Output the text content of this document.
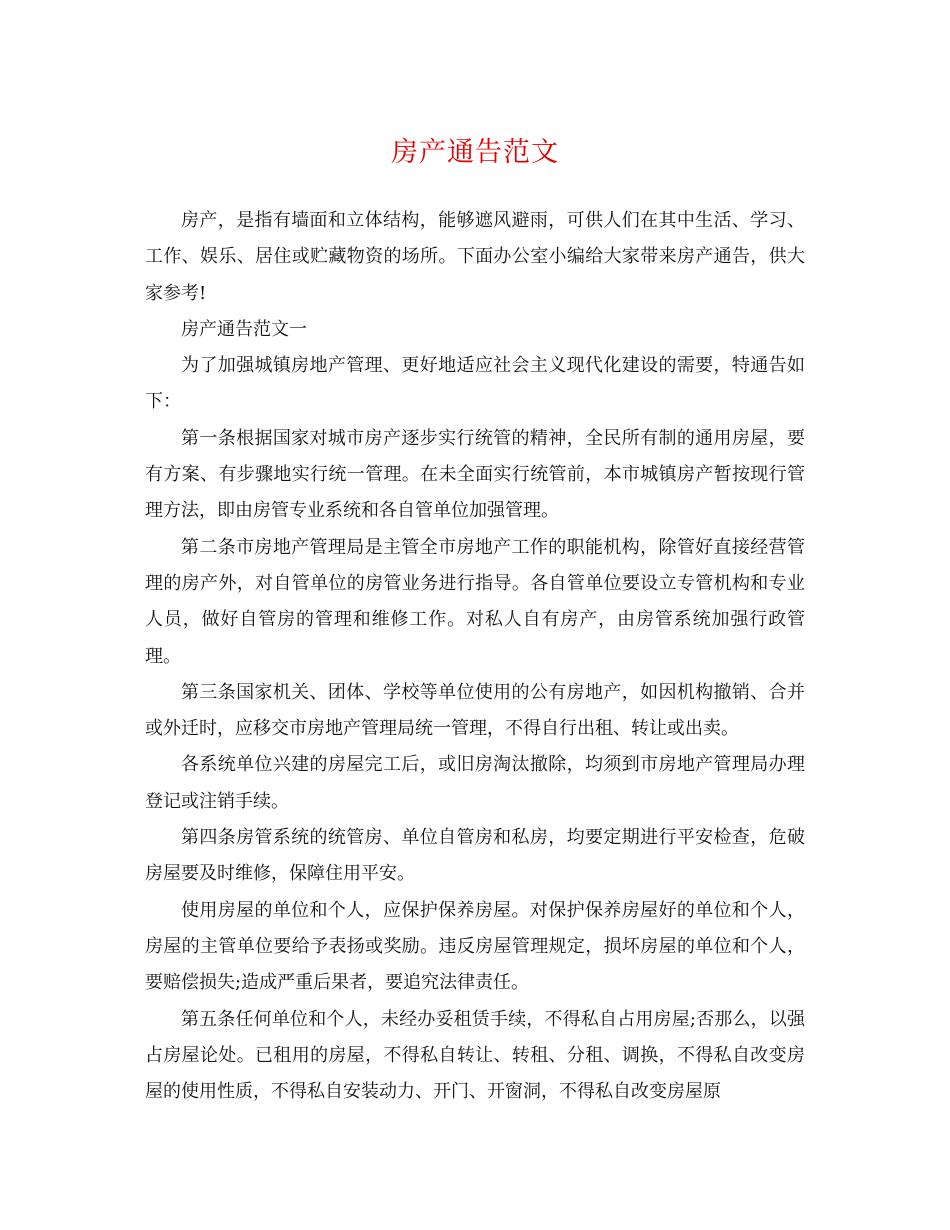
房产通告范文

房产，是指有墙面和立体结构，能够遮风避雨，可供人们在其中生活、学习、工作、娱乐、居住或贮藏物资的场所。下面办公室小编给大家带来房产通告，供大家参考!

房产通告范文一

为了加强城镇房地产管理、更好地适应社会主义现代化建设的需要，特通告如下：

第一条根据国家对城市房产逐步实行统管的精神，全民所有制的通用房屋，要有方案、有步骤地实行统一管理。在未全面实行统管前，本市城镇房产暂按现行管理方法，即由房管专业系统和各自管单位加强管理。

第二条市房地产管理局是主管全市房地产工作的职能机构，除管好直接经营管理的房产外，对自管单位的房管业务进行指导。各自管单位要设立专管机构和专业人员，做好自管房的管理和维修工作。对私人自有房产，由房管系统加强行政管理。

第三条国家机关、团体、学校等单位使用的公有房地产，如因机构撤销、合并或外迁时，应移交市房地产管理局统一管理，不得自行出租、转让或出卖。

各系统单位兴建的房屋完工后，或旧房淘汰撤除，均须到市房地产管理局办理登记或注销手续。

第四条房管系统的统管房、单位自管房和私房，均要定期进行平安检查，危破房屋要及时维修，保障住用平安。

使用房屋的单位和个人，应保护保养房屋。对保护保养房屋好的单位和个人，房屋的主管单位要给予表扬或奖励。违反房屋管理规定，损坏房屋的单位和个人，要赔偿损失;造成严重后果者，要追究法律责任。

第五条任何单位和个人，未经办妥租赁手续，不得私自占用房屋;否那么，以强占房屋论处。已租用的房屋，不得私自转让、转租、分租、调换，不得私自改变房屋的使用性质，不得私自安装动力、开门、开窗洞，不得私自改变房屋原
